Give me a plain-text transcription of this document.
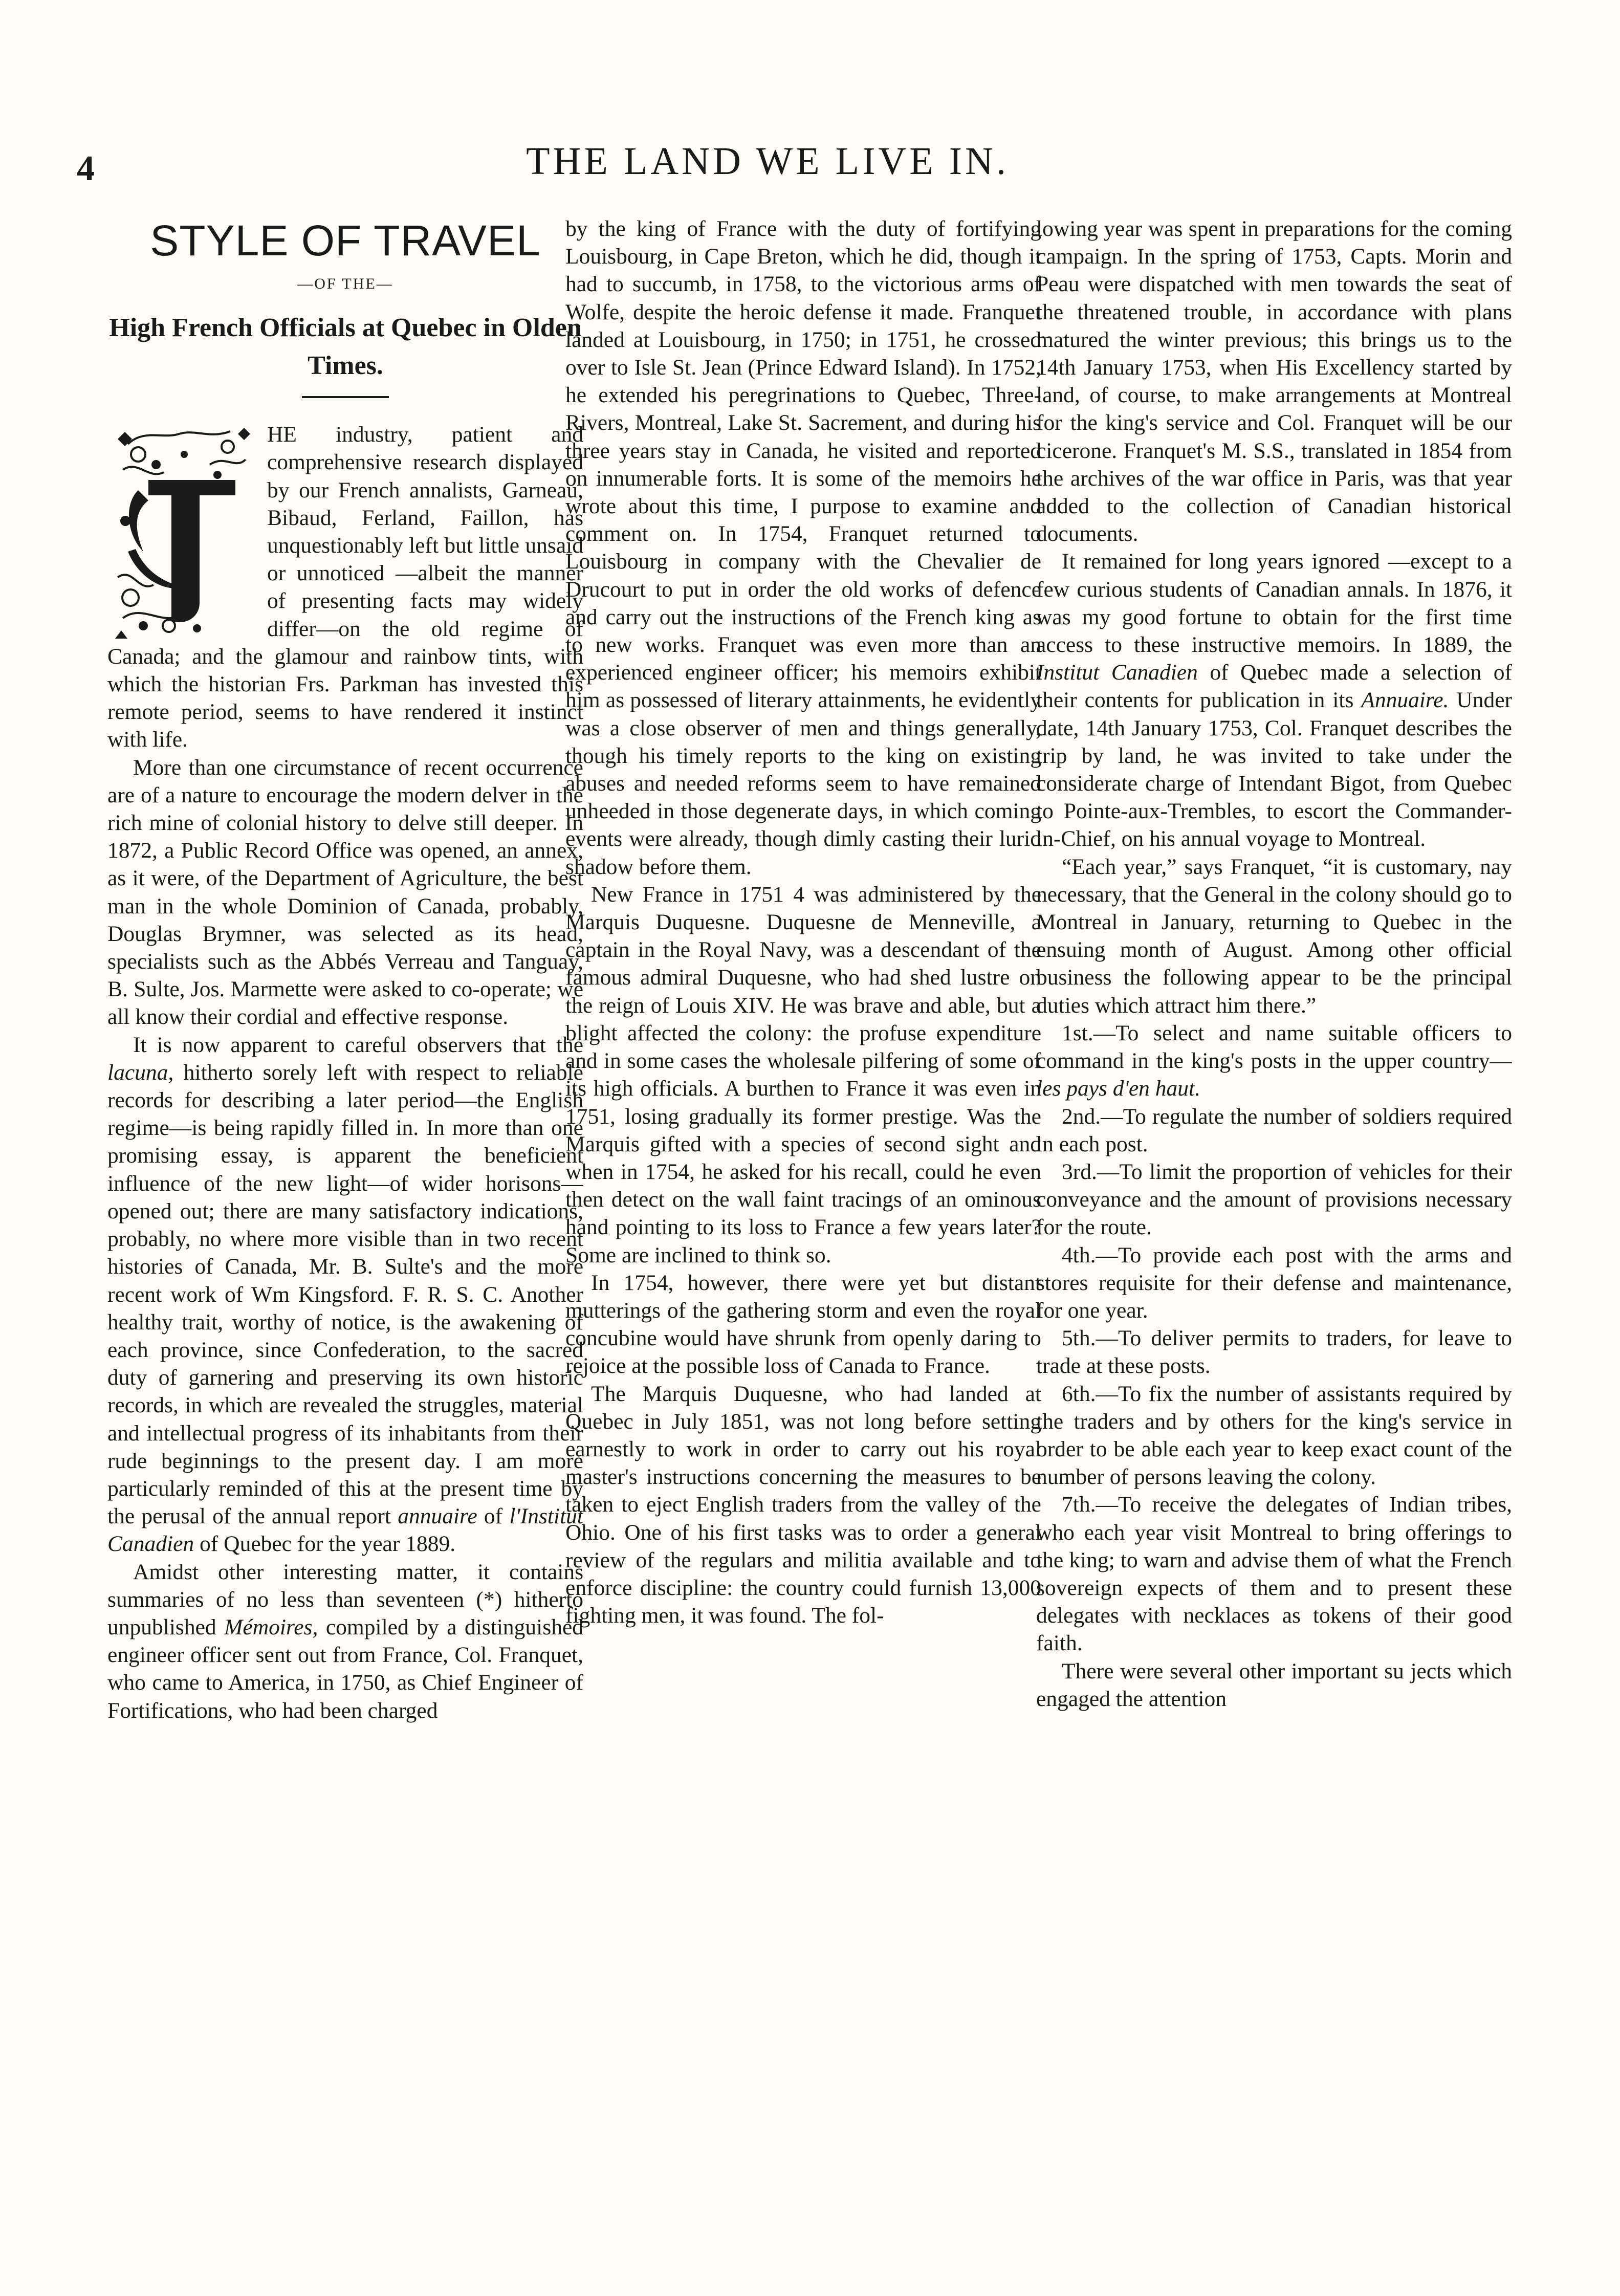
4	THE LAND WE LIVE IN.
STYLE OF TRAVEL
—OF THE—
High French Officials at Quebec in Olden Times.

HE industry, patient and comprehensive research displayed by our French annalists, Garneau, Bibaud, Ferland, Faillon, has unquestionably left but little unsaid or unnoticed —albeit the manner of presenting facts may widely differ—on the old regime of Canada; and the glamour and rainbow tints, with which the historian Frs. Parkman has invested this remote period, seems to have rendered it instinct with life.

More than one circumstance of recent occurrence are of a nature to encourage the modern delver in the rich mine of colonial history to delve still deeper. In 1872, a Public Record Office was opened, an annex, as it were, of the Department of Agriculture, the best man in the whole Dominion of Canada, probably, Douglas Brymner, was selected as its head, specialists such as the Abbés Verreau and Tanguay, B. Sulte, Jos. Marmette were asked to co-operate; we all know their cordial and effective response.

It is now apparent to careful observers that the lacuna, hitherto sorely left with respect to reliable records for describing a later period—the English regime—is being rapidly filled in. In more than one promising essay, is apparent the beneficient influence of the new light—of wider horisons—opened out; there are many satisfactory indications, probably, no where more visible than in two recent histories of Canada, Mr. B. Sulte's and the more recent work of Wm Kingsford. F. R. S. C. Another healthy trait, worthy of notice, is the awakening of each province, since Confederation, to the sacred duty of garnering and preserving its own historic records, in which are revealed the struggles, material and intellectual progress of its inhabitants from their rude beginnings to the present day. I am more particularly reminded of this at the present time by the perusal of the annual report annuaire of l'Institut Canadien of Quebec for the year 1889.

Amidst other interesting matter, it contains summaries of no less than seventeen (*) hitherto unpublished Mémoires, compiled by a distinguished engineer officer sent out from France, Col. Franquet, who came to America, in 1750, as Chief Engineer of Fortifications, who had been charged

by the king of France with the duty of fortifying Louisbourg, in Cape Breton, which he did, though it had to succumb, in 1758, to the victorious arms of Wolfe, despite the heroic defense it made. Franquet landed at Louisbourg, in 1750; in 1751, he crossed over to Isle St. Jean (Prince Edward Island). In 1752, he extended his peregrinations to Quebec, Three-Rivers, Montreal, Lake St. Sacrement, and during his three years stay in Canada, he visited and reported on innumerable forts. It is some of the memoirs he wrote about this time, I purpose to examine and comment on. In 1754, Franquet returned to Louisbourg in company with the Chevalier de Drucourt to put in order the old works of defence and carry out the instructions of the French king as to new works. Franquet was even more than an experienced engineer officer; his memoirs exhibit him as possessed of literary attainments, he evidently was a close observer of men and things generally, though his timely reports to the king on existing abuses and needed reforms seem to have remained unheeded in those degenerate days, in which coming events were already, though dimly casting their lurid shadow before them.

New France in 1751 4 was administered by the Marquis Duquesne. Duquesne de Menneville, a captain in the Royal Navy, was a descendant of the famous admiral Duquesne, who had shed lustre on the reign of Louis XIV. He was brave and able, but a blight affected the colony: the profuse expenditure and in some cases the wholesale pilfering of some of its high officials. A burthen to France it was even in 1751, losing gradually its former prestige. Was the Marquis gifted with a species of second sight and when in 1754, he asked for his recall, could he even then detect on the wall faint tracings of an ominous hand pointing to its loss to France a few years later? Some are inclined to think so.

In 1754, however, there were yet but distant mutterings of the gathering storm and even the royal concubine would have shrunk from openly daring to rejoice at the possible loss of Canada to France.

The Marquis Duquesne, who had landed at Quebec in July 1851, was not long before setting earnestly to work in order to carry out his royal master's instructions concerning the measures to be taken to eject English traders from the valley of the Ohio. One of his first tasks was to order a general review of the regulars and militia available and to enforce discipline: the country could furnish 13,000 fighting men, it was found. The fol-

lowing year was spent in preparations for the coming campaign. In the spring of 1753, Capts. Morin and Peau were dispatched with men towards the seat of the threatened trouble, in accordance with plans matured the winter previous; this brings us to the 14th January 1753, when His Excellency started by land, of course, to make arrangements at Montreal for the king's service and Col. Franquet will be our cicerone. Franquet's M. S.S., translated in 1854 from the archives of the war office in Paris, was that year added to the collection of Canadian historical documents.

It remained for long years ignored —except to a few curious students of Canadian annals. In 1876, it was my good fortune to obtain for the first time access to these instructive memoirs. In 1889, the Institut Canadien of Quebec made a selection of their contents for publication in its Annuaire. Under date, 14th January 1753, Col. Franquet describes the trip by land, he was invited to take under the considerate charge of Intendant Bigot, from Quebec to Pointe-aux-Trembles, to escort the Commander-in-Chief, on his annual voyage to Montreal.

“Each year,” says Franquet, “it is customary, nay necessary, that the General in the colony should go to Montreal in January, returning to Quebec in the ensuing month of August. Among other official business the following appear to be the principal duties which attract him there.”

1st.—To select and name suitable officers to command in the king's posts in the upper country—les pays d'en haut.

2nd.—To regulate the number of soldiers required in each post.

3rd.—To limit the proportion of vehicles for their conveyance and the amount of provisions necessary for the route.

4th.—To provide each post with the arms and stores requisite for their defense and maintenance, for one year.

5th.—To deliver permits to traders, for leave to trade at these posts.

6th.—To fix the number of assistants required by the traders and by others for the king's service in order to be able each year to keep exact count of the number of persons leaving the colony.

7th.—To receive the delegates of Indian tribes, who each year visit Montreal to bring offerings to the king; to warn and advise them of what the French sovereign expects of them and to present these delegates with necklaces as tokens of their good faith.

There were several other important su jects which engaged the attention
